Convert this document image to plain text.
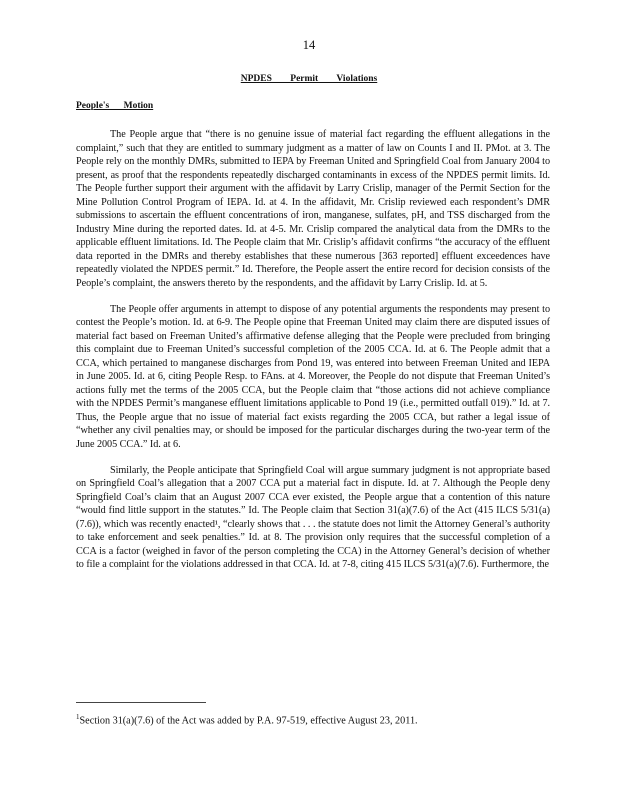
14
NPDES Permit Violations
People's Motion

The People argue that “there is no genuine issue of material fact regarding the effluent allegations in the complaint,” such that they are entitled to summary judgment as a matter of law on Counts I and II. PMot. at 3. The People rely on the monthly DMRs, submitted to IEPA by Freeman United and Springfield Coal from January 2004 to present, as proof that the respondents repeatedly discharged contaminants in excess of the NPDES permit limits. Id. The People further support their argument with the affidavit by Larry Crislip, manager of the Permit Section for the Mine Pollution Control Program of IEPA. Id. at 4. In the affidavit, Mr. Crislip reviewed each respondent’s DMR submissions to ascertain the effluent concentrations of iron, manganese, sulfates, pH, and TSS discharged from the Industry Mine during the reported dates. Id. at 4-5. Mr. Crislip compared the analytical data from the DMRs to the applicable effluent limitations. Id. The People claim that Mr. Crislip’s affidavit confirms “the accuracy of the effluent data reported in the DMRs and thereby establishes that these numerous [363 reported] effluent exceedences have repeatedly violated the NPDES permit.” Id. Therefore, the People assert the entire record for decision consists of the People’s complaint, the answers thereto by the respondents, and the affidavit by Larry Crislip. Id. at 5.

The People offer arguments in attempt to dispose of any potential arguments the respondents may present to contest the People’s motion. Id. at 6-9. The People opine that Freeman United may claim there are disputed issues of material fact based on Freeman United’s affirmative defense alleging that the People were precluded from bringing this complaint due to Freeman United’s successful completion of the 2005 CCA. Id. at 6. The People admit that a CCA, which pertained to manganese discharges from Pond 19, was entered into between Freeman United and IEPA in June 2005. Id. at 6, citing People Resp. to FAns. at 4. Moreover, the People do not dispute that Freeman United’s actions fully met the terms of the 2005 CCA, but the People claim that “those actions did not achieve compliance with the NPDES Permit’s manganese effluent limitations applicable to Pond 19 (i.e., permitted outfall 019).” Id. at 7. Thus, the People argue that no issue of material fact exists regarding the 2005 CCA, but rather a legal issue of “whether any civil penalties may, or should be imposed for the particular discharges during the two-year term of the June 2005 CCA.” Id. at 6.

Similarly, the People anticipate that Springfield Coal will argue summary judgment is not appropriate based on Springfield Coal’s allegation that a 2007 CCA put a material fact in dispute. Id. at 7. Although the People deny Springfield Coal’s claim that an August 2007 CCA ever existed, the People argue that a contention of this nature “would find little support in the statutes.” Id. The People claim that Section 31(a)(7.6) of the Act (415 ILCS 5/31(a)(7.6)), which was recently enacted¹, “clearly shows that . . . the statute does not limit the Attorney General’s authority to take enforcement and seek penalties.” Id. at 8. The provision only requires that the successful completion of a CCA is a factor (weighed in favor of the person completing the CCA) in the Attorney General’s decision of whether to file a complaint for the violations addressed in that CCA. Id. at 7-8, citing 415 ILCS 5/31(a)(7.6). Furthermore, the

$^1$Section 31(a)(7.6) of the Act was added by P.A. 97-519, effective August 23, 2011.
